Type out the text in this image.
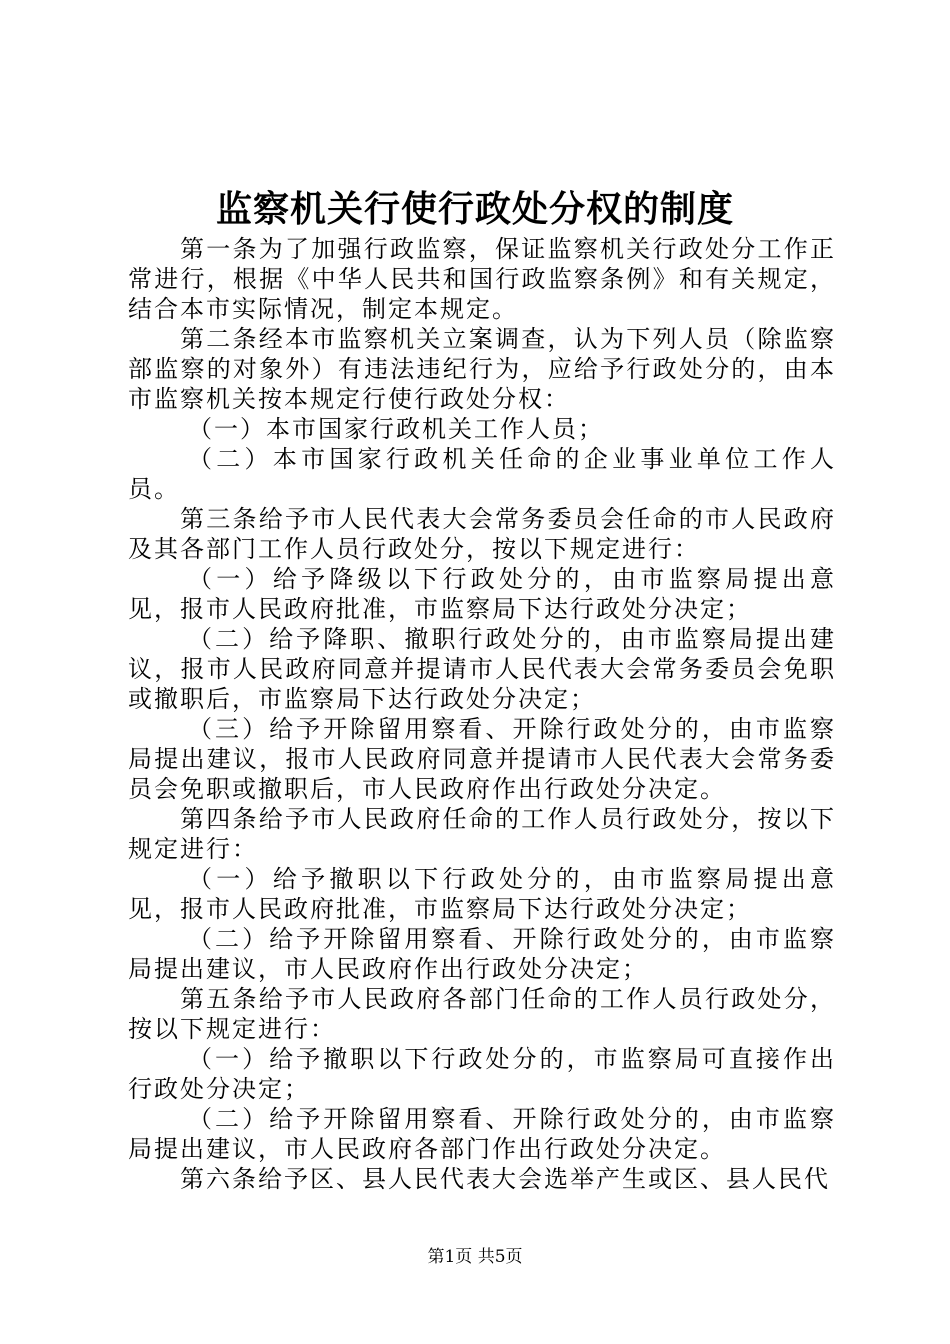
监察机关行使行政处分权的制度

第一条为了加强行政监察，保证监察机关行政处分工作正常进行，根据《中华人民共和国行政监察条例》和有关规定，结合本市实际情况，制定本规定。

第二条经本市监察机关立案调查，认为下列人员（除监察部监察的对象外）有违法违纪行为，应给予行政处分的，由本市监察机关按本规定行使行政处分权：

（一）本市国家行政机关工作人员；

（二）本市国家行政机关任命的企业事业单位工作人员。

第三条给予市人民代表大会常务委员会任命的市人民政府及其各部门工作人员行政处分，按以下规定进行：

（一）给予降级以下行政处分的，由市监察局提出意见，报市人民政府批准，市监察局下达行政处分决定；

（二）给予降职、撤职行政处分的，由市监察局提出建议，报市人民政府同意并提请市人民代表大会常务委员会免职或撤职后，市监察局下达行政处分决定；

（三）给予开除留用察看、开除行政处分的，由市监察局提出建议，报市人民政府同意并提请市人民代表大会常务委员会免职或撤职后，市人民政府作出行政处分决定。

第四条给予市人民政府任命的工作人员行政处分，按以下规定进行：

（一）给予撤职以下行政处分的，由市监察局提出意见，报市人民政府批准，市监察局下达行政处分决定；

（二）给予开除留用察看、开除行政处分的，由市监察局提出建议，市人民政府作出行政处分决定；

第五条给予市人民政府各部门任命的工作人员行政处分，按以下规定进行：

（一）给予撤职以下行政处分的，市监察局可直接作出行政处分决定；

（二）给予开除留用察看、开除行政处分的，由市监察局提出建议，市人民政府各部门作出行政处分决定。

第六条给予区、县人民代表大会选举产生或区、县人民代

第1页 共5页
